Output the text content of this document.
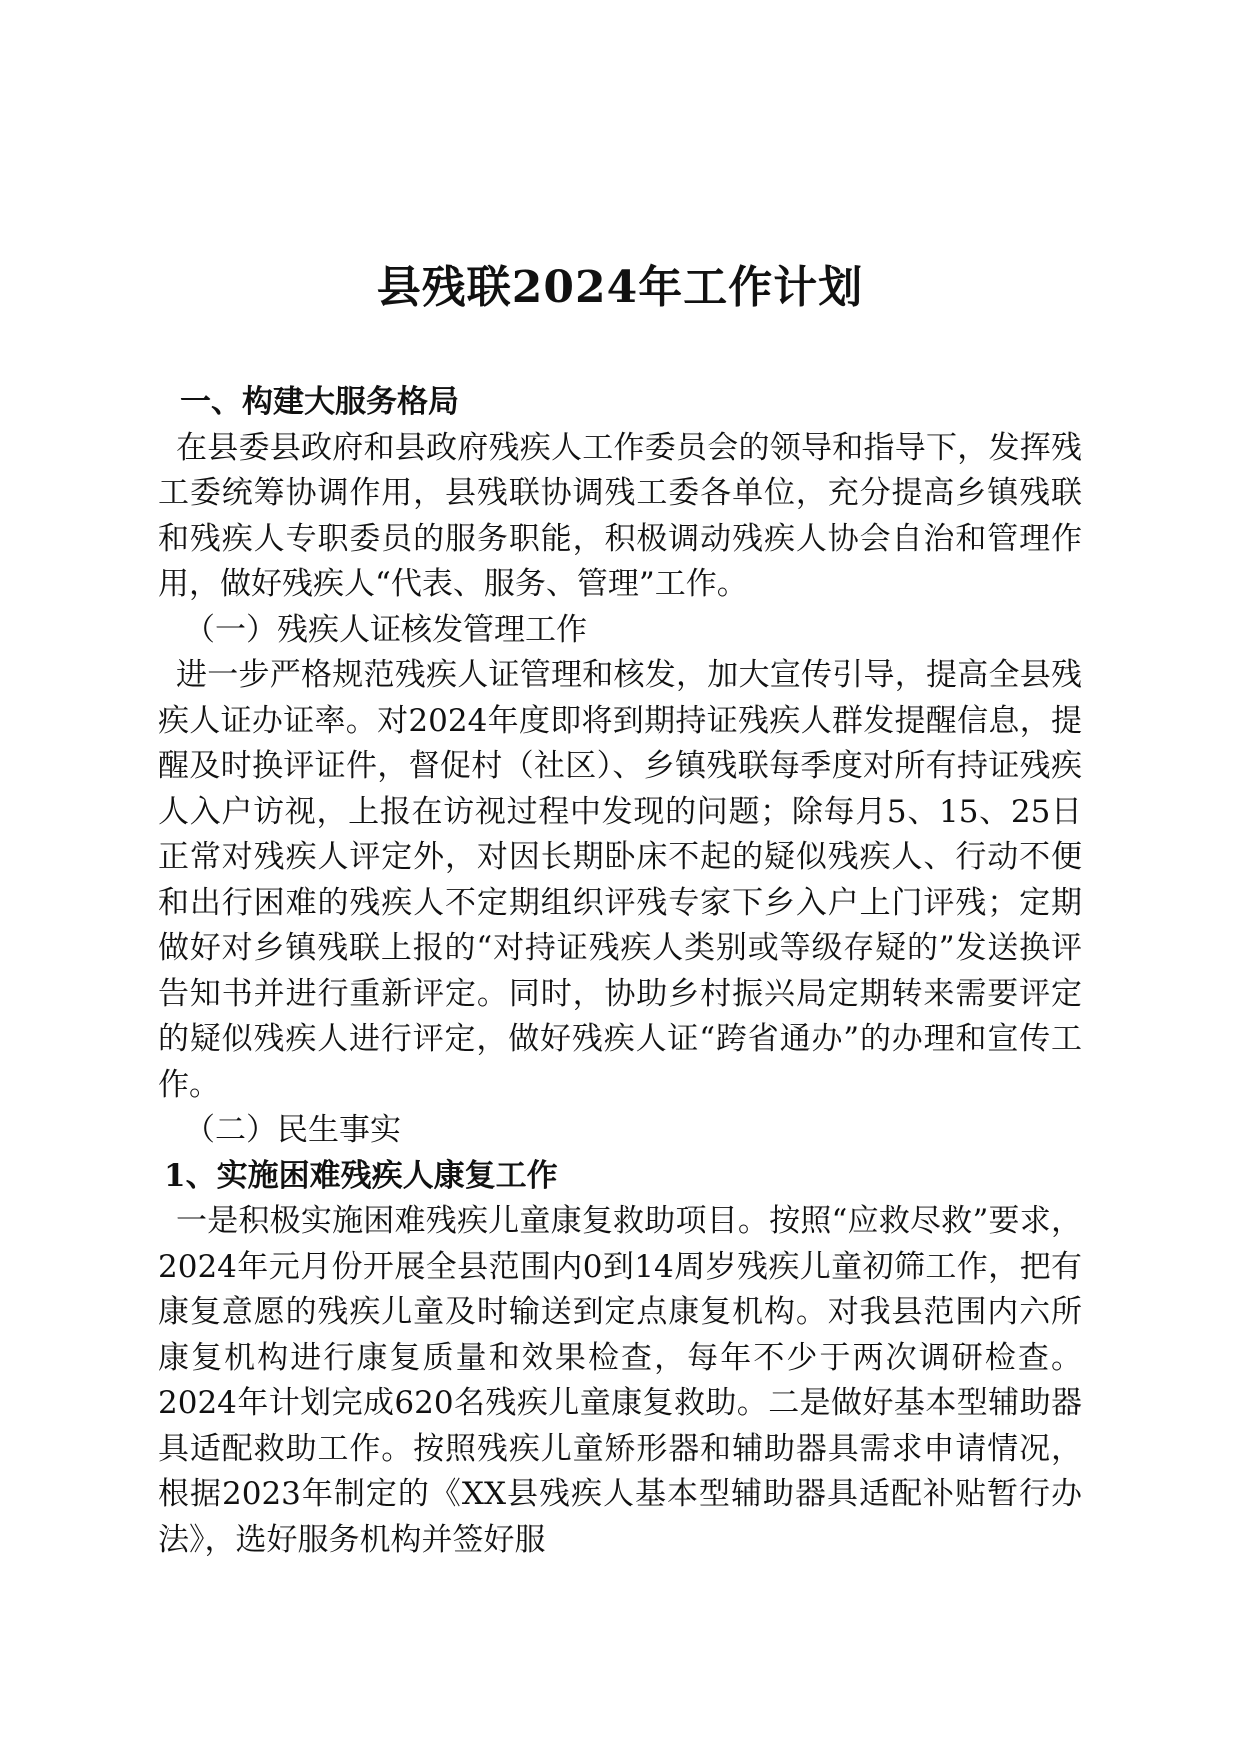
县残联2024年工作计划

一、构建大服务格局

在县委县政府和县政府残疾人工作委员会的领导和指导下，发挥残工委统筹协调作用，县残联协调残工委各单位，充分提高乡镇残联和残疾人专职委员的服务职能，积极调动残疾人协会自治和管理作用，做好残疾人“代表、服务、管理”工作。

（一）残疾人证核发管理工作

进一步严格规范残疾人证管理和核发，加大宣传引导，提高全县残疾人证办证率。对2024年度即将到期持证残疾人群发提醒信息，提醒及时换评证件，督促村（社区）、乡镇残联每季度对所有持证残疾人入户访视，上报在访视过程中发现的问题；除每月5、15、25日正常对残疾人评定外，对因长期卧床不起的疑似残疾人、行动不便和出行困难的残疾人不定期组织评残专家下乡入户上门评残；定期做好对乡镇残联上报的“对持证残疾人类别或等级存疑的”发送换评告知书并进行重新评定。同时，协助乡村振兴局定期转来需要评定的疑似残疾人进行评定，做好残疾人证“跨省通办”的办理和宣传工作。

（二）民生事实

1、实施困难残疾人康复工作

一是积极实施困难残疾儿童康复救助项目。按照“应救尽救”要求，2024年元月份开展全县范围内0到14周岁残疾儿童初筛工作，把有康复意愿的残疾儿童及时输送到定点康复机构。对我县范围内六所康复机构进行康复质量和效果检查，每年不少于两次调研检查。2024年计划完成620名残疾儿童康复救助。二是做好基本型辅助器具适配救助工作。按照残疾儿童矫形器和辅助器具需求申请情况，根据2023年制定的《XX县残疾人基本型辅助器具适配补贴暂行办法》，选好服务机构并签好服
